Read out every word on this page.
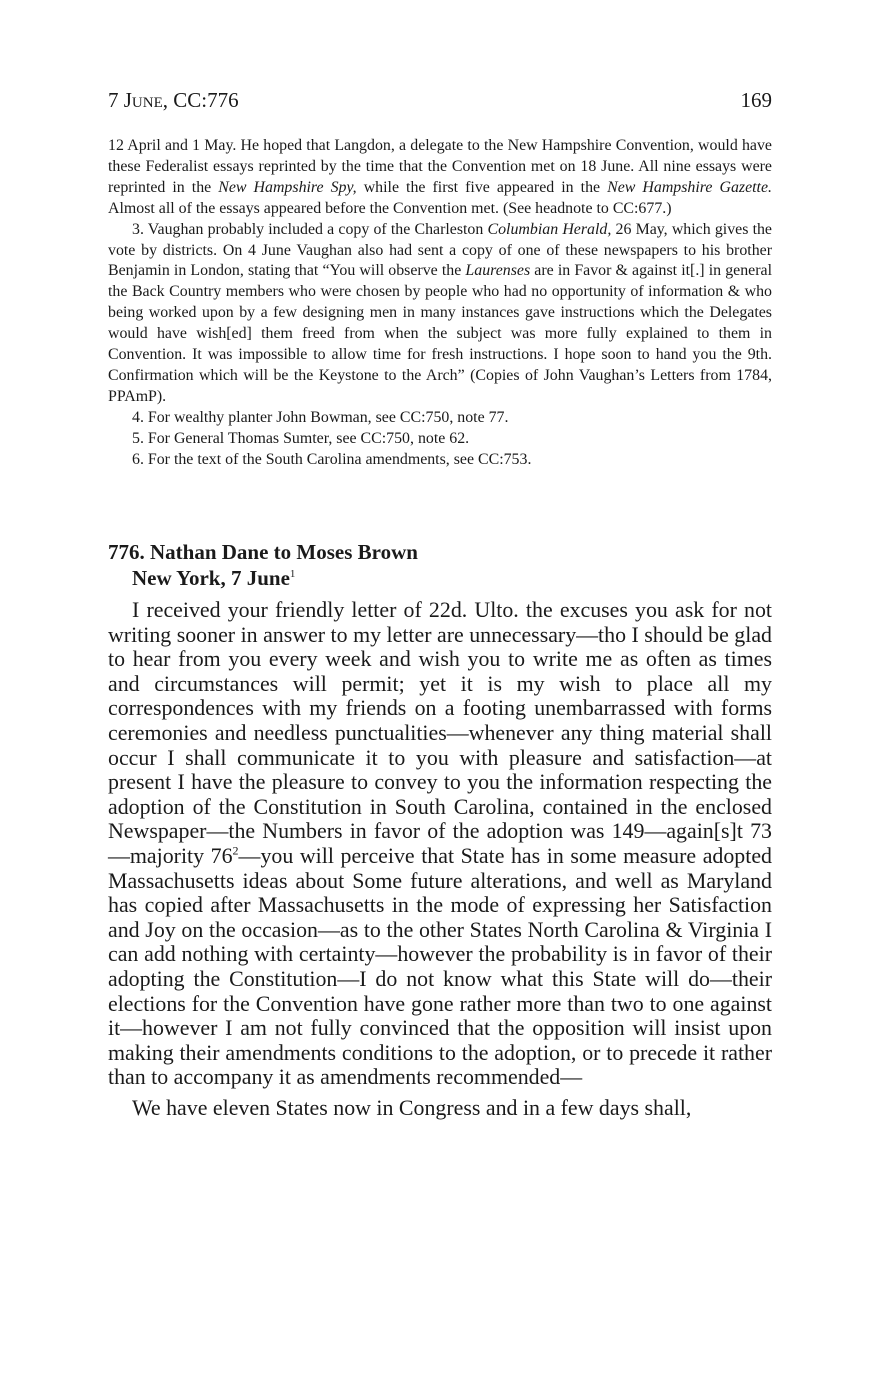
7 June, CC:776	169

12 April and 1 May. He hoped that Langdon, a delegate to the New Hampshire Convention, would have these Federalist essays reprinted by the time that the Convention met on 18 June. All nine essays were reprinted in the New Hampshire Spy, while the first five appeared in the New Hampshire Gazette. Almost all of the essays appeared before the Convention met. (See headnote to CC:677.)

3. Vaughan probably included a copy of the Charleston Columbian Herald, 26 May, which gives the vote by districts. On 4 June Vaughan also had sent a copy of one of these newspapers to his brother Benjamin in London, stating that “You will observe the Laurenses are in Favor & against it[.] in general the Back Country members who were chosen by people who had no opportunity of information & who being worked upon by a few designing men in many instances gave instructions which the Delegates would have wish[ed] them freed from when the subject was more fully explained to them in Convention. It was impossible to allow time for fresh instructions. I hope soon to hand you the 9th. Confirmation which will be the Keystone to the Arch” (Copies of John Vaughan’s Letters from 1784, PPAmP).

4. For wealthy planter John Bowman, see CC:750, note 77.

5. For General Thomas Sumter, see CC:750, note 62.

6. For the text of the South Carolina amendments, see CC:753.

776. Nathan Dane to Moses Brown
New York, 7 June$^1$

I received your friendly letter of 22d. Ulto. the excuses you ask for not writing sooner in answer to my letter are unnecessary—tho I should be glad to hear from you every week and wish you to write me as often as times and circumstances will permit; yet it is my wish to place all my correspondences with my friends on a footing unembarrassed with forms ceremonies and needless punctualities—whenever any thing material shall occur I shall communicate it to you with pleasure and satisfaction—at present I have the pleasure to convey to you the information respecting the adoption of the Constitution in South Carolina, contained in the enclosed Newspaper—the Numbers in favor of the adoption was 149—again[s]t 73—majority $76^2—you$ will perceive that State has in some measure adopted Massachusetts ideas about Some future alterations, and well as Maryland has copied after Massachusetts in the mode of expressing her Satisfaction and Joy on the occasion—as to the other States North Carolina & Virginia I can add nothing with certainty—however the probability is in favor of their adopting the Constitution—I do not know what this State will do—their elections for the Convention have gone rather more than two to one against it—however I am not fully convinced that the opposition will insist upon making their amendments conditions to the adoption, or to precede it rather than to accompany it as amendments recommended—

We have eleven States now in Congress and in a few days shall,
